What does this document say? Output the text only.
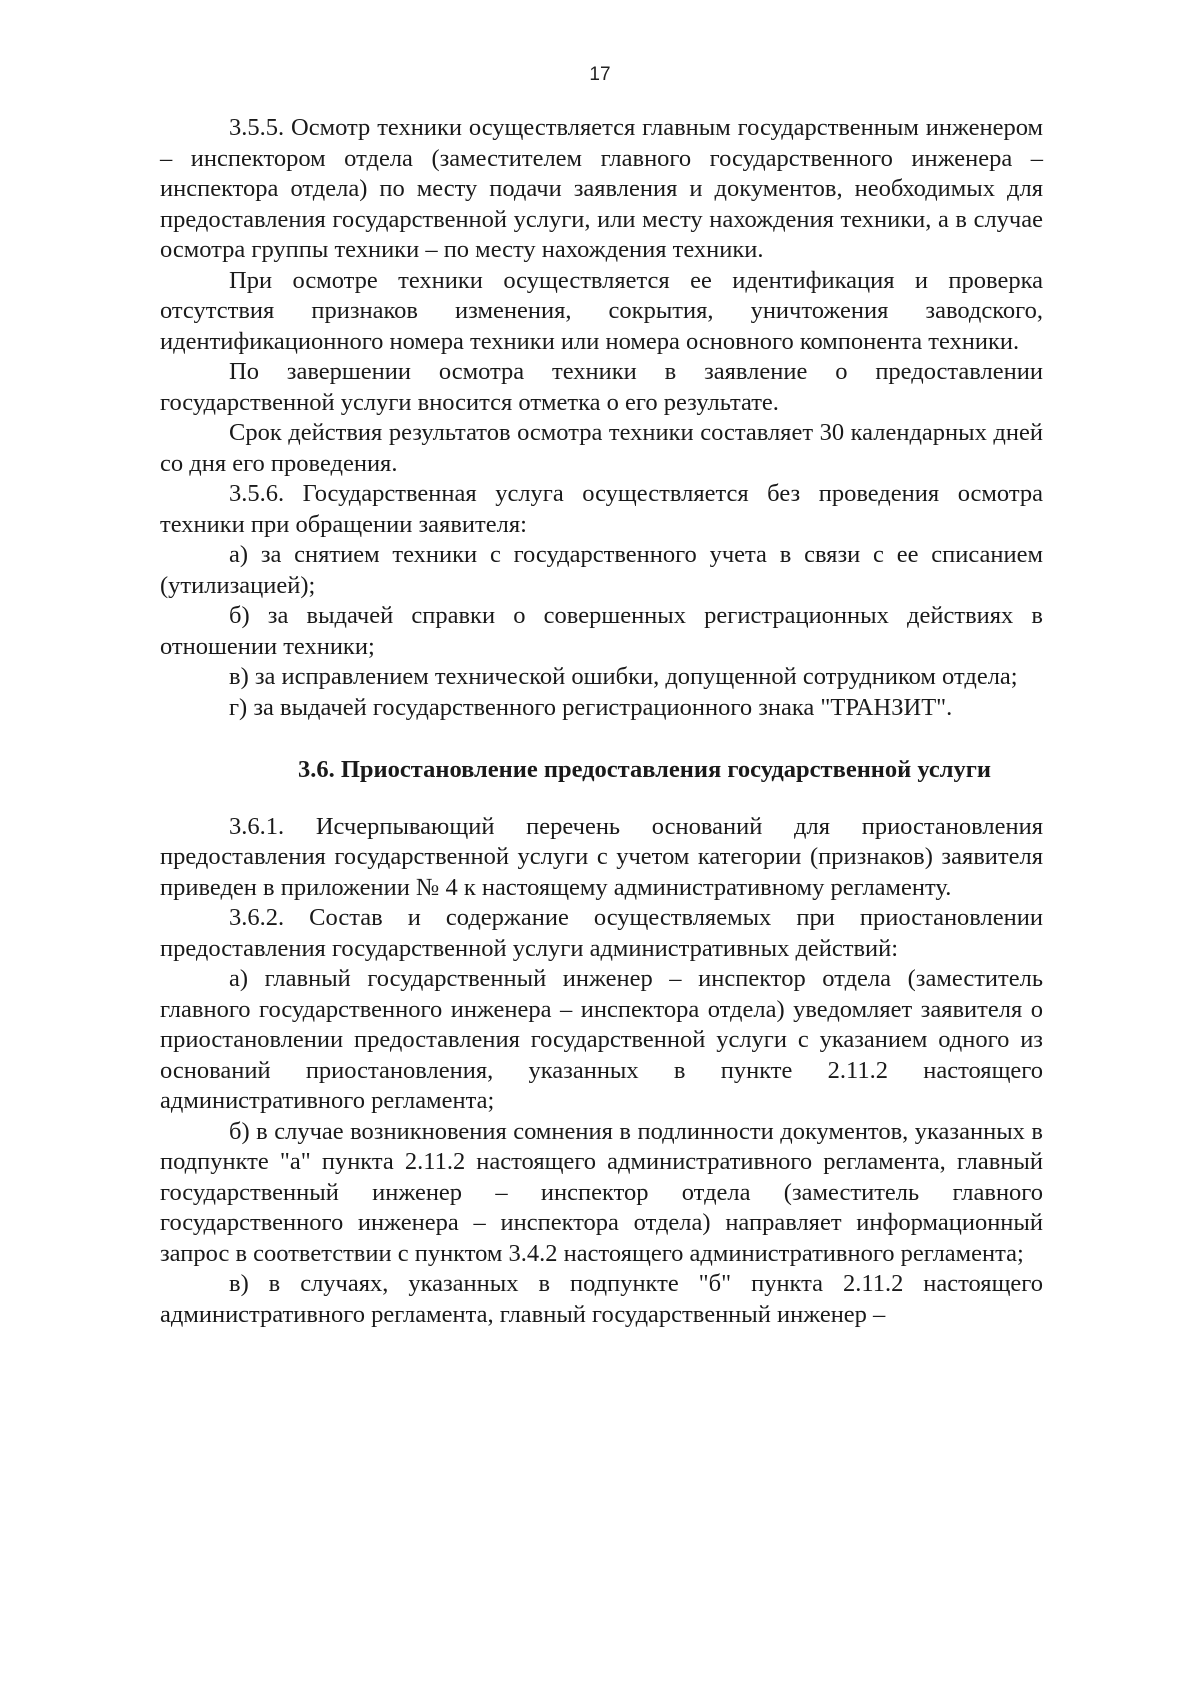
17

3.5.5. Осмотр техники осуществляется главным государственным инженером – инспектором отдела (заместителем главного государственного инженера – инспектора отдела) по месту подачи заявления и документов, необходимых для предоставления государственной услуги, или месту нахождения техники, а в случае осмотра группы техники – по месту нахождения техники.

При осмотре техники осуществляется ее идентификация и проверка отсутствия признаков изменения, сокрытия, уничтожения заводского, идентификационного номера техники или номера основного компонента техники.

По завершении осмотра техники в заявление о предоставлении государственной услуги вносится отметка о его результате.

Срок действия результатов осмотра техники составляет 30 календарных дней со дня его проведения.

3.5.6. Государственная услуга осуществляется без проведения осмотра техники при обращении заявителя:

а) за снятием техники с государственного учета в связи с ее списанием (утилизацией);

б) за выдачей справки о совершенных регистрационных действиях в отношении техники;

в) за исправлением технической ошибки, допущенной сотрудником отдела;

г) за выдачей государственного регистрационного знака "ТРАНЗИТ".

3.6. Приостановление предоставления государственной услуги

3.6.1. Исчерпывающий перечень оснований для приостановления предоставления государственной услуги с учетом категории (признаков) заявителя приведен в приложении № 4 к настоящему административному регламенту.

3.6.2. Состав и содержание осуществляемых при приостановлении предоставления государственной услуги административных действий:

а) главный государственный инженер – инспектор отдела (заместитель главного государственного инженера – инспектора отдела) уведомляет заявителя о приостановлении предоставления государственной услуги с указанием одного из оснований приостановления, указанных в пункте 2.11.2 настоящего административного регламента;

б) в случае возникновения сомнения в подлинности документов, указанных в подпункте "а" пункта 2.11.2 настоящего административного регламента, главный государственный инженер – инспектор отдела (заместитель главного государственного инженера – инспектора отдела) направляет информационный запрос в соответствии с пунктом 3.4.2 настоящего административного регламента;

в) в случаях, указанных в подпункте "б" пункта 2.11.2 настоящего административного регламента, главный государственный инженер –
